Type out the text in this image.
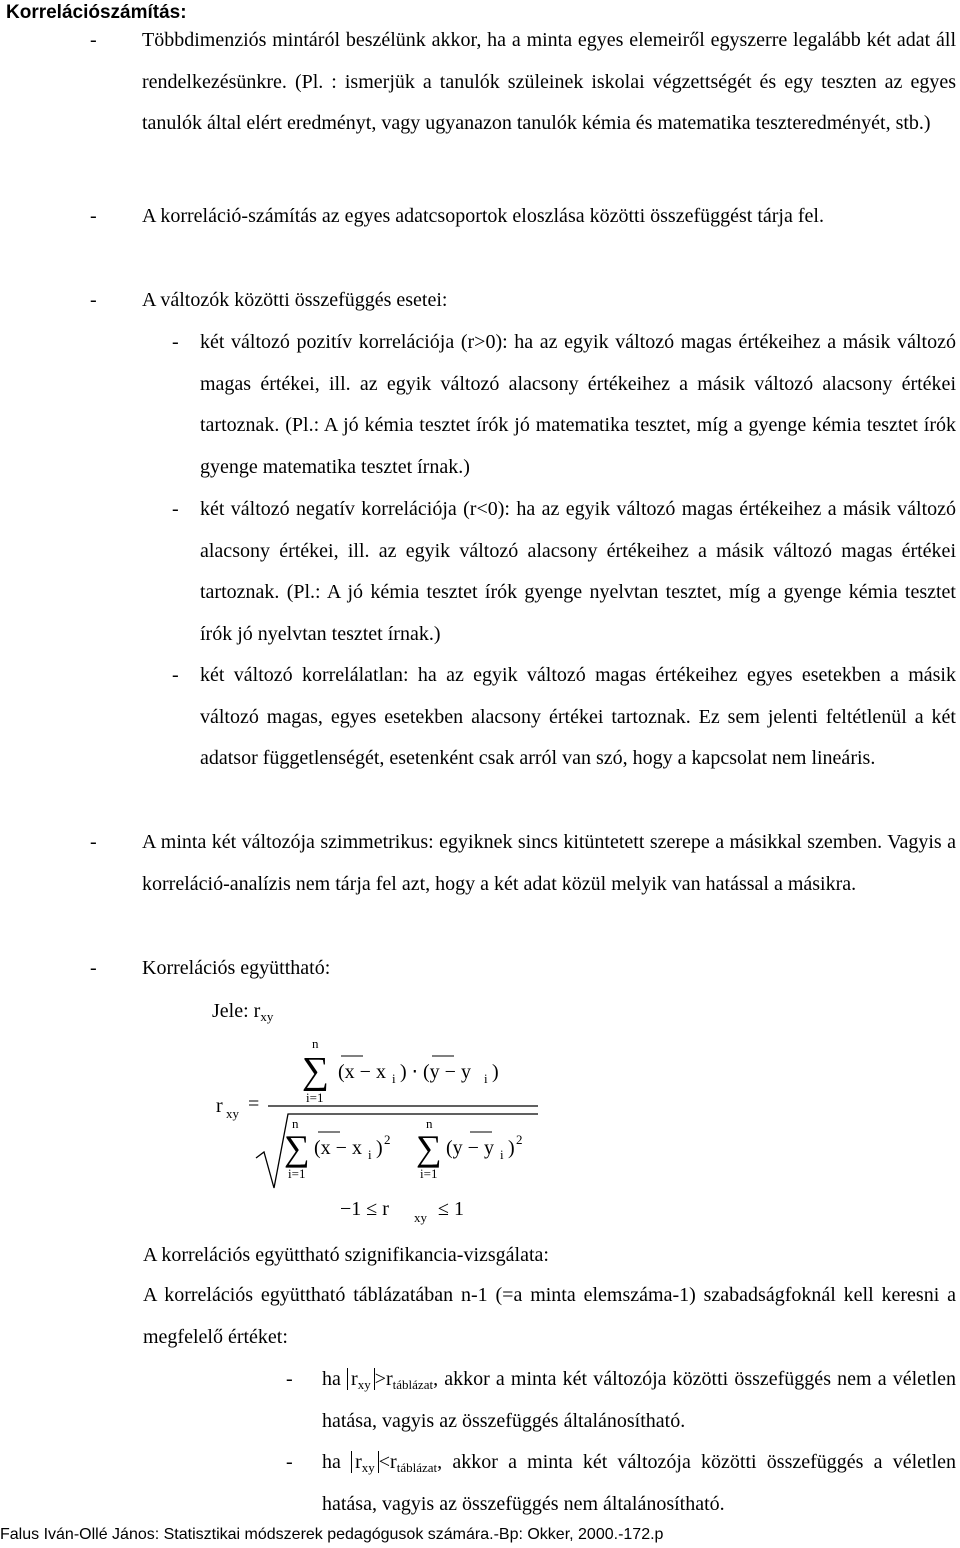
Korrelációszámítás:
- Többdimenziós mintáról beszélünk akkor, ha a minta egyes elemeiről egyszerre legalább két adat áll rendelkezésünkre. (Pl. : ismerjük a tanulók szüleinek iskolai végzettségét és egy teszten az egyes tanulók által elért eredményt, vagy ugyanazon tanulók kémia és matematika teszteredményét, stb.)

- A korreláció-számítás az egyes adatcsoportok eloszlása közötti összefüggést tárja fel.

- A változók közötti összefüggés esetei:

- két változó pozitív korrelációja (r>0): ha az egyik változó magas értékeihez a másik változó magas értékei, ill. az egyik változó alacsony értékeihez a másik változó alacsony értékei tartoznak. (Pl.: A jó kémia tesztet írók jó matematika tesztet, míg a gyenge kémia tesztet írók gyenge matematika tesztet írnak.)

- két változó negatív korrelációja (r<0): ha az egyik változó magas értékeihez a másik változó alacsony értékei, ill. az egyik változó alacsony értékeihez a másik változó magas értékei tartoznak. (Pl.: A jó kémia tesztet írók gyenge nyelvtan tesztet, míg a gyenge kémia tesztet írók jó nyelvtan tesztet írnak.)

- két változó korrelálatlan: ha az egyik változó magas értékeihez egyes esetekben a másik változó magas, egyes esetekben alacsony értékei tartoznak. Ez sem jelenti feltétlenül a két adatsor függetlenségét, esetenként csak arról van szó, hogy a kapcsolat nem lineáris.

- A minta két változója szimmetrikus: egyiknek sincs kitüntetett szerepe a másikkal szemben. Vagyis a korreláció-analízis nem tárja fel azt, hogy a két adat közül melyik van hatással a másikra.

- Korrelációs együttható:

Jele: $r_{xy}$
r xy =
n
∑
i=1
(x − x i ) ⋅ (y − y i )
n
∑
i=1
(x − x i ) 2
n
∑
i=1
(y − y i ) 2
−1 ≤ r xy ≤ 1
A korrelációs együttható szignifikancia-vizsgálata:

A korrelációs együttható táblázatában n-1 (=a minta elemszáma-1) szabadságfoknál kell keresni a megfelelő értéket:

- ha $r_{xy} >r_{táblázat}$, akkor a minta két változója közötti összefüggés nem a véletlen hatása, vagyis az összefüggés általánosítható.

- ha $r_{xy} <r_{táblázat}$, akkor a minta két változója közötti összefüggés a véletlen hatása, vagyis az összefüggés nem általánosítható.

Falus Iván-Ollé János: Statisztikai módszerek pedagógusok számára.-Bp: Okker, 2000.-172.p
